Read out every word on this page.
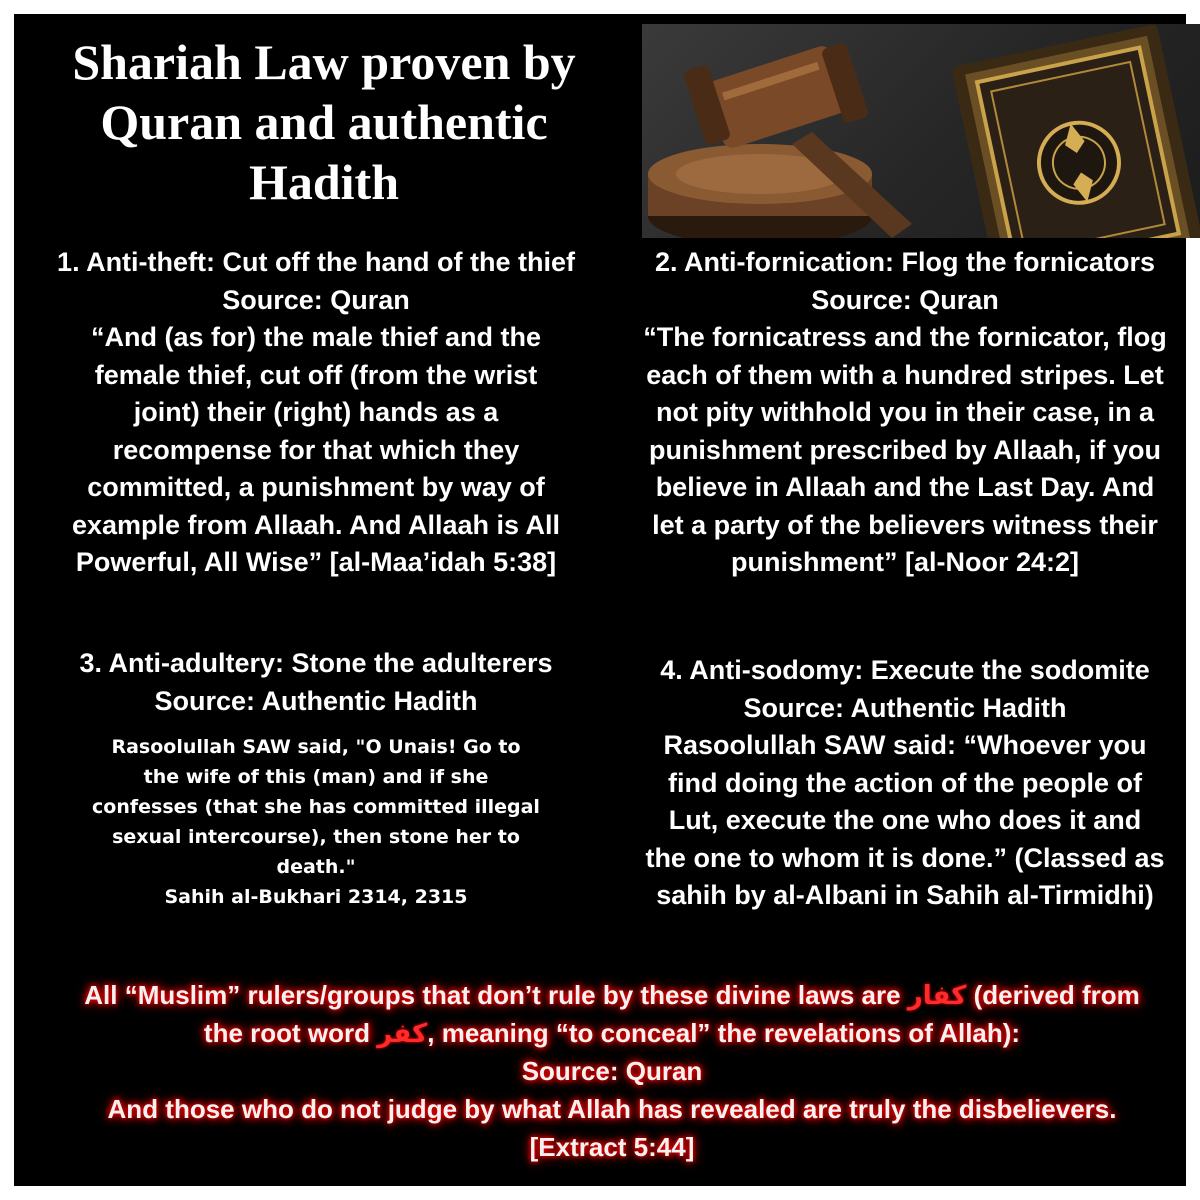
Shariah Law proven by Quran and authentic Hadith
1. Anti-theft: Cut off the hand of the thief
Source: Quran
“And (as for) the male thief and the
female thief, cut off (from the wrist
joint) their (right) hands as a
recompense for that which they
committed, a punishment by way of
example from Allaah. And Allaah is All
Powerful, All Wise” [al-Maa’idah 5:38]
2. Anti-fornication: Flog the fornicators
Source: Quran
“The fornicatress and the fornicator, flog
each of them with a hundred stripes. Let
not pity withhold you in their case, in a
punishment prescribed by Allaah, if you
believe in Allaah and the Last Day. And
let a party of the believers witness their
punishment” [al-Noor 24:2]
3. Anti-adultery: Stone the adulterers
Source: Authentic Hadith
Rasoolullah SAW said, "O Unais! Go to
the wife of this (man) and if she
confesses (that she has committed illegal
sexual intercourse), then stone her to
death."
Sahih al-Bukhari 2314, 2315
4. Anti-sodomy: Execute the sodomite
Source: Authentic Hadith
Rasoolullah SAW said: “Whoever you
find doing the action of the people of
Lut, execute the one who does it and
the one to whom it is done.” (Classed as
sahih by al-Albani in Sahih al-Tirmidhi)
All “Muslim” rulers/groups that don’t rule by these divine laws are كفار (derived from
the root word كفر, meaning “to conceal” the revelations of Allah):
Source: Quran
And those who do not judge by what Allah has revealed are truly the disbelievers.
[Extract 5:44]
